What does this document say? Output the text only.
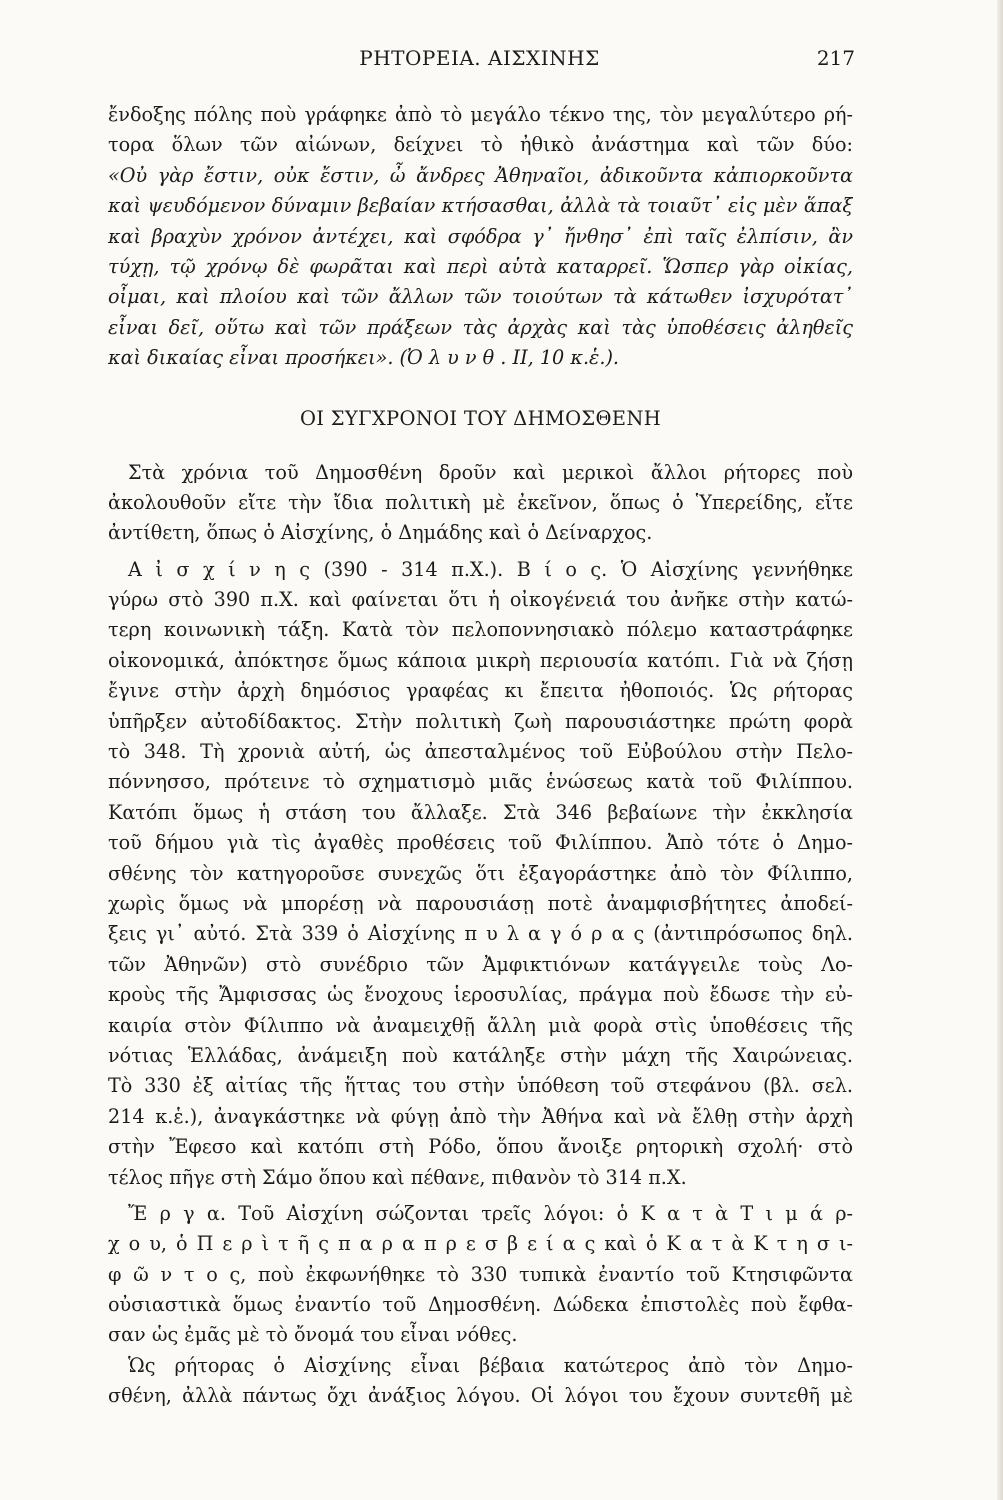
ΡΗΤΟΡΕΙΑ. ΑΙΣΧΙΝΗΣ	217
ἔνδοξης πόλης ποὺ γράφηκε ἀπὸ τὸ μεγάλο τέκνο της, τὸν μεγαλύτερο ρή-
τορα ὅλων τῶν αἰώνων, δείχνει τὸ ἠθικὸ ἀνάστημα καὶ τῶν δύο:
«Οὐ γὰρ ἔστιν, οὐκ ἔστιν, ὦ ἄνδρες Ἀθηναῖοι, ἀδικοῦντα κἀπιορκοῦντα
καὶ ψευδόμενον δύναμιν βεβαίαν κτήσασθαι, ἀλλὰ τὰ τοιαῦτ᾽ εἰς μὲν ἅπαξ
καὶ βραχὺν χρόνον ἀντέχει, καὶ σφόδρα γ᾽ ἤνθησ᾽ ἐπὶ ταῖς ἐλπίσιν, ἂν
τύχῃ, τῷ χρόνῳ δὲ φωρᾶται καὶ περὶ αὑτὰ καταρρεῖ. Ὥσπερ γὰρ οἰκίας,
οἶμαι, καὶ πλοίου καὶ τῶν ἄλλων τῶν τοιούτων τὰ κάτωθεν ἰσχυρότατ᾽
εἶναι δεῖ, οὕτω καὶ τῶν πράξεων τὰς ἀρχὰς καὶ τὰς ὑποθέσεις ἀληθεῖς
καὶ δικαίας εἶναι προσήκει». (Ὀ λ υ ν θ . II, 10 κ.ἑ.).
ΟΙ ΣΥΓΧΡΟΝΟΙ ΤΟΥ ΔΗΜΟΣΘΕΝΗ
Στὰ χρόνια τοῦ Δημοσθένη δροῦν καὶ μερικοὶ ἄλλοι ρήτορες ποὺ
ἀκολουθοῦν εἴτε τὴν ἴδια πολιτικὴ μὲ ἐκεῖνον, ὅπως ὁ Ὑπερείδης, εἴτε
ἀντίθετη, ὅπως ὁ Αἰσχίνης, ὁ Δημάδης καὶ ὁ Δείναρχος.
Α ἰ σ χ ί ν η ς (390 - 314 π.Χ.). Β ί ο ς. Ὁ Αἰσχίνης γεννήθηκε
γύρω στὸ 390 π.Χ. καὶ φαίνεται ὅτι ἡ οἰκογένειά του ἀνῆκε στὴν κατώ-
τερη κοινωνικὴ τάξη. Κατὰ τὸν πελοποννησιακὸ πόλεμο καταστράφηκε
οἰκονομικά, ἀπόκτησε ὅμως κάποια μικρὴ περιουσία κατόπι. Γιὰ νὰ ζήσῃ
ἔγινε στὴν ἀρχὴ δημόσιος γραφέας κι ἔπειτα ἠθοποιός. Ὡς ρήτορας
ὑπῆρξεν αὐτοδίδακτος. Στὴν πολιτικὴ ζωὴ παρουσιάστηκε πρώτη φορὰ
τὸ 348. Τὴ χρονιὰ αὐτή, ὡς ἀπεσταλμένος τοῦ Εὐβούλου στὴν Πελο-
πόννησσο, πρότεινε τὸ σχηματισμὸ μιᾶς ἑνώσεως κατὰ τοῦ Φιλίππου.
Κατόπι ὅμως ἡ στάση του ἄλλαξε. Στὰ 346 βεβαίωνε τὴν ἐκκλησία
τοῦ δήμου γιὰ τὶς ἀγαθὲς προθέσεις τοῦ Φιλίππου. Ἀπὸ τότε ὁ Δημο-
σθένης τὸν κατηγοροῦσε συνεχῶς ὅτι ἐξαγοράστηκε ἀπὸ τὸν Φίλιππο,
χωρὶς ὅμως νὰ μπορέσῃ νὰ παρουσιάσῃ ποτὲ ἀναμφισβήτητες ἀποδεί-
ξεις γι᾽ αὐτό. Στὰ 339 ὁ Αἰσχίνης π υ λ α γ ό ρ α ς (ἀντιπρόσωπος δηλ.
τῶν Ἀθηνῶν) στὸ συνέδριο τῶν Ἀμφικτιόνων κατάγγειλε τοὺς Λο-
κροὺς τῆς Ἄμφισσας ὡς ἔνοχους ἱεροσυλίας, πράγμα ποὺ ἔδωσε τὴν εὐ-
καιρία στὸν Φίλιππο νὰ ἀναμειχθῇ ἄλλη μιὰ φορὰ στὶς ὑποθέσεις τῆς
νότιας Ἑλλάδας, ἀνάμειξη ποὺ κατάληξε στὴν μάχη τῆς Χαιρώνειας.
Τὸ 330 ἐξ αἰτίας τῆς ἥττας του στὴν ὑπόθεση τοῦ στεφάνου (βλ. σελ.
214 κ.ἑ.), ἀναγκάστηκε νὰ φύγῃ ἀπὸ τὴν Ἀθήνα καὶ νὰ ἔλθῃ στὴν ἀρχὴ
στὴν Ἔφεσο καὶ κατόπι στὴ Ρόδο, ὅπου ἄνοιξε ρητορικὴ σχολή· στὸ
τέλος πῆγε στὴ Σάμο ὅπου καὶ πέθανε, πιθανὸν τὸ 314 π.Χ.
Ἔ ρ γ α. Τοῦ Αἰσχίνη σώζονται τρεῖς λόγοι: ὁ Κ α τ ὰ Τ ι μ ά ρ-
χ ο υ, ὁ Π ε ρ ὶ τ ῆ ς π α ρ α π ρ ε σ β ε ί α ς καὶ ὁ Κ α τ ὰ Κ τ η σ ι-
φ ῶ ν τ ο ς, ποὺ ἐκφωνήθηκε τὸ 330 τυπικὰ ἐναντίο τοῦ Κτησιφῶντα
οὐσιαστικὰ ὅμως ἐναντίο τοῦ Δημοσθένη. Δώδεκα ἐπιστολὲς ποὺ ἔφθα-
σαν ὡς ἐμᾶς μὲ τὸ ὄνομά του εἶναι νόθες.
Ὡς ρήτορας ὁ Αἰσχίνης εἶναι βέβαια κατώτερος ἀπὸ τὸν Δημο-
σθένη, ἀλλὰ πάντως ὄχι ἀνάξιος λόγου. Οἱ λόγοι του ἔχουν συντεθῆ μὲ
